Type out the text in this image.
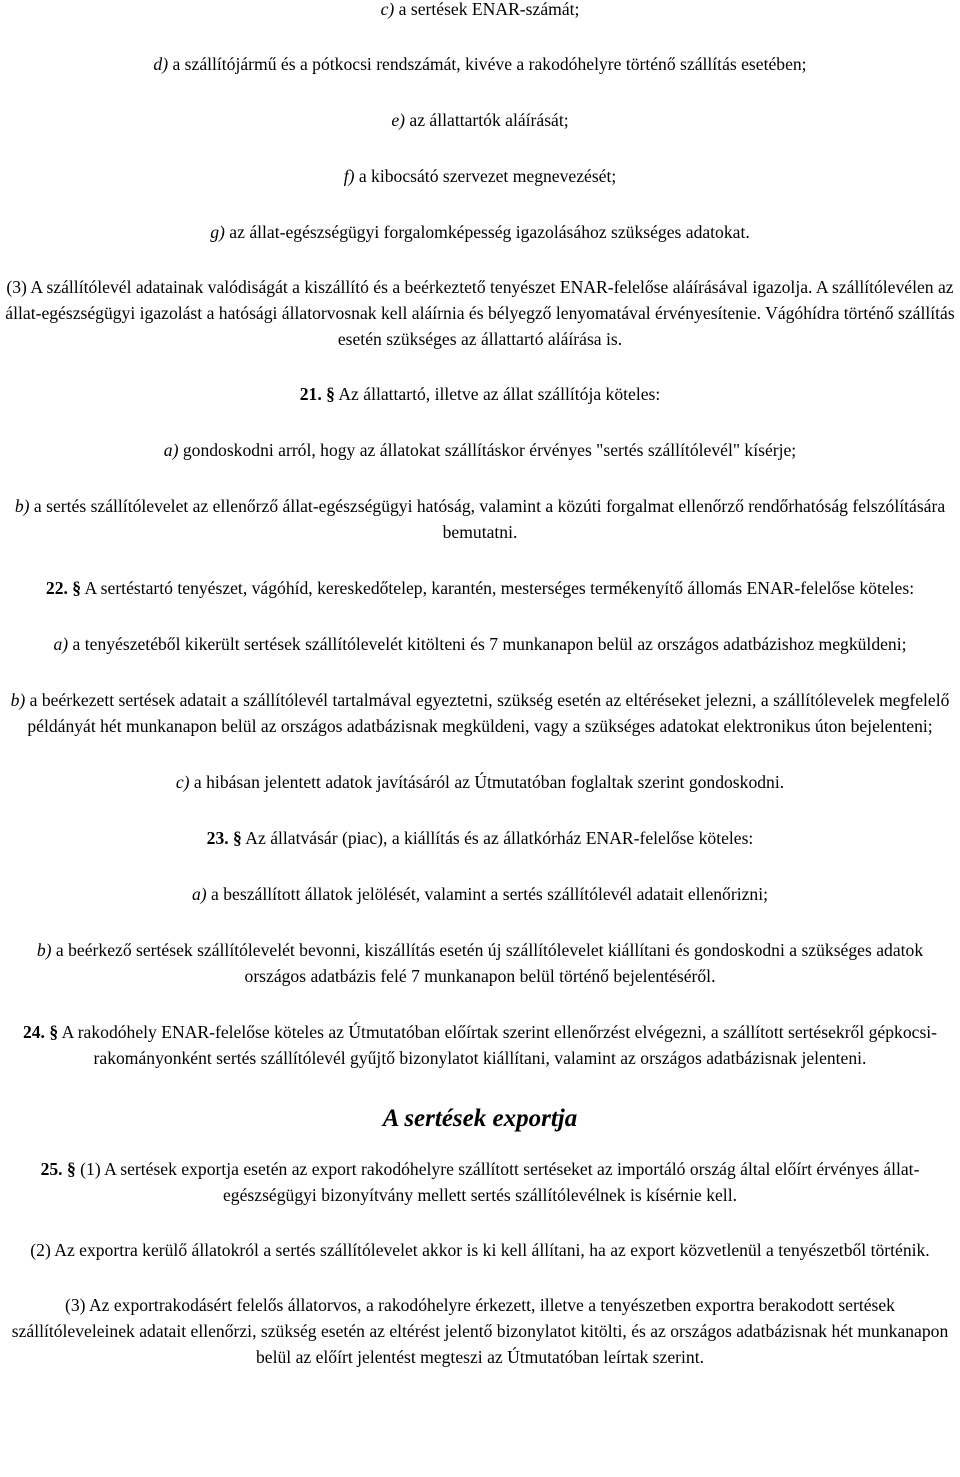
c) a sertések ENAR-számát;

d) a szállítójármű és a pótkocsi rendszámát, kivéve a rakodóhelyre történő szállítás esetében;

e) az állattartók aláírását;

f) a kibocsátó szervezet megnevezését;

g) az állat-egészségügyi forgalomképesség igazolásához szükséges adatokat.

(3) A szállítólevél adatainak valódiságát a kiszállító és a beérkeztető tenyészet ENAR-felelőse aláírásával igazolja. A szállítólevélen az állat-egészségügyi igazolást a hatósági állatorvosnak kell aláírnia és bélyegző lenyomatával érvényesítenie. Vágóhídra történő szállítás esetén szükséges az állattartó aláírása is.

21. § Az állattartó, illetve az állat szállítója köteles:

a) gondoskodni arról, hogy az állatokat szállításkor érvényes "sertés szállítólevél" kísérje;

b) a sertés szállítólevelet az ellenőrző állat-egészségügyi hatóság, valamint a közúti forgalmat ellenőrző rendőrhatóság felszólítására bemutatni.

22. § A sertéstartó tenyészet, vágóhíd, kereskedőtelep, karantén, mesterséges termékenyítő állomás ENAR-felelőse köteles:

a) a tenyészetéből kikerült sertések szállítólevelét kitölteni és 7 munkanapon belül az országos adatbázishoz megküldeni;

b) a beérkezett sertések adatait a szállítólevél tartalmával egyeztetni, szükség esetén az eltéréseket jelezni, a szállítólevelek megfelelő példányát hét munkanapon belül az országos adatbázisnak megküldeni, vagy a szükséges adatokat elektronikus úton bejelenteni;

c) a hibásan jelentett adatok javításáról az Útmutatóban foglaltak szerint gondoskodni.

23. § Az állatvásár (piac), a kiállítás és az állatkórház ENAR-felelőse köteles:

a) a beszállított állatok jelölését, valamint a sertés szállítólevél adatait ellenőrizni;

b) a beérkező sertések szállítólevelét bevonni, kiszállítás esetén új szállítólevelet kiállítani és gondoskodni a szükséges adatok országos adatbázis felé 7 munkanapon belül történő bejelentéséről.

24. § A rakodóhely ENAR-felelőse köteles az Útmutatóban előírtak szerint ellenőrzést elvégezni, a szállított sertésekről gépkocsi-rakományonként sertés szállítólevél gyűjtő bizonylatot kiállítani, valamint az országos adatbázisnak jelenteni.

A sertések exportja

25. § (1) A sertések exportja esetén az export rakodóhelyre szállított sertéseket az importáló ország által előírt érvényes állat-egészségügyi bizonyítvány mellett sertés szállítólevélnek is kísérnie kell.

(2) Az exportra kerülő állatokról a sertés szállítólevelet akkor is ki kell állítani, ha az export közvetlenül a tenyészetből történik.

(3) Az exportrakodásért felelős állatorvos, a rakodóhelyre érkezett, illetve a tenyészetben exportra berakodott sertések szállítóleveleinek adatait ellenőrzi, szükség esetén az eltérést jelentő bizonylatot kitölti, és az országos adatbázisnak hét munkanapon belül az előírt jelentést megteszi az Útmutatóban leírtak szerint.
